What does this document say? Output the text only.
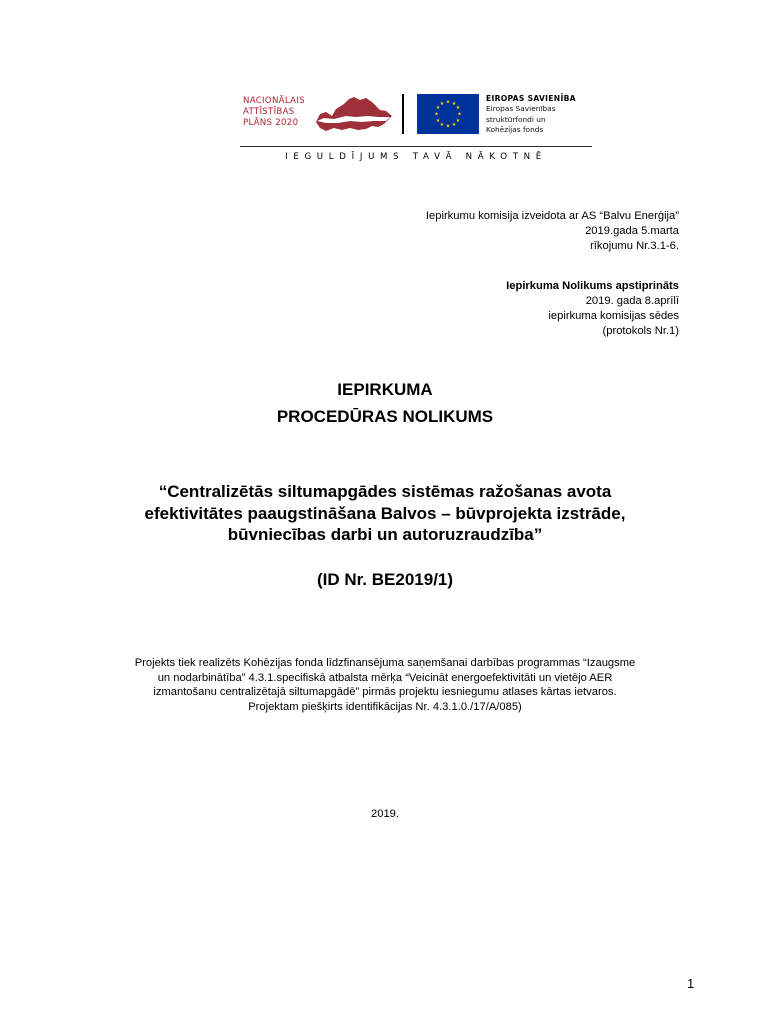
NACIONĀLAIS
ATTĪSTĪBAS
PLĀNS 2020
★ ★
★
★
★
★
★
★
★
★
★
★
EIROPAS SAVIENĪBA
Eiropas Savienības
struktūrfondi un
Kohēzijas fonds
IEGULDĪJUMS TAVĀ NĀKOTNĒ
Iepirkumu komisija izveidota ar AS “Balvu Enerģija”
2019.gada 5.marta
rīkojumu Nr.3.1-6.
Iepirkuma Nolikums apstiprināts
2019. gada 8.aprīlī
iepirkuma komisijas sēdes
(protokols Nr.1)
IEPIRKUMA
PROCEDŪRAS NOLIKUMS
“Centralizētās siltumapgādes sistēmas ražošanas avota
efektivitātes paaugstināšana Balvos – būvprojekta izstrāde,
būvniecības darbi un autoruzraudzība”
(ID Nr. BE2019/1)
Projekts tiek realizēts Kohēzijas fonda līdzfinansējuma saņemšanai darbības programmas “Izaugsme
un nodarbinātība” 4.3.1.specifiskā atbalsta mērķa “Veicināt energoefektivitāti un vietējo AER
izmantošanu centralizētajā siltumapgādē” pirmās projektu iesniegumu atlases kārtas ietvaros.
Projektam piešķirts identifikācijas Nr. 4.3.1.0./17/A/085)
2019.
1
